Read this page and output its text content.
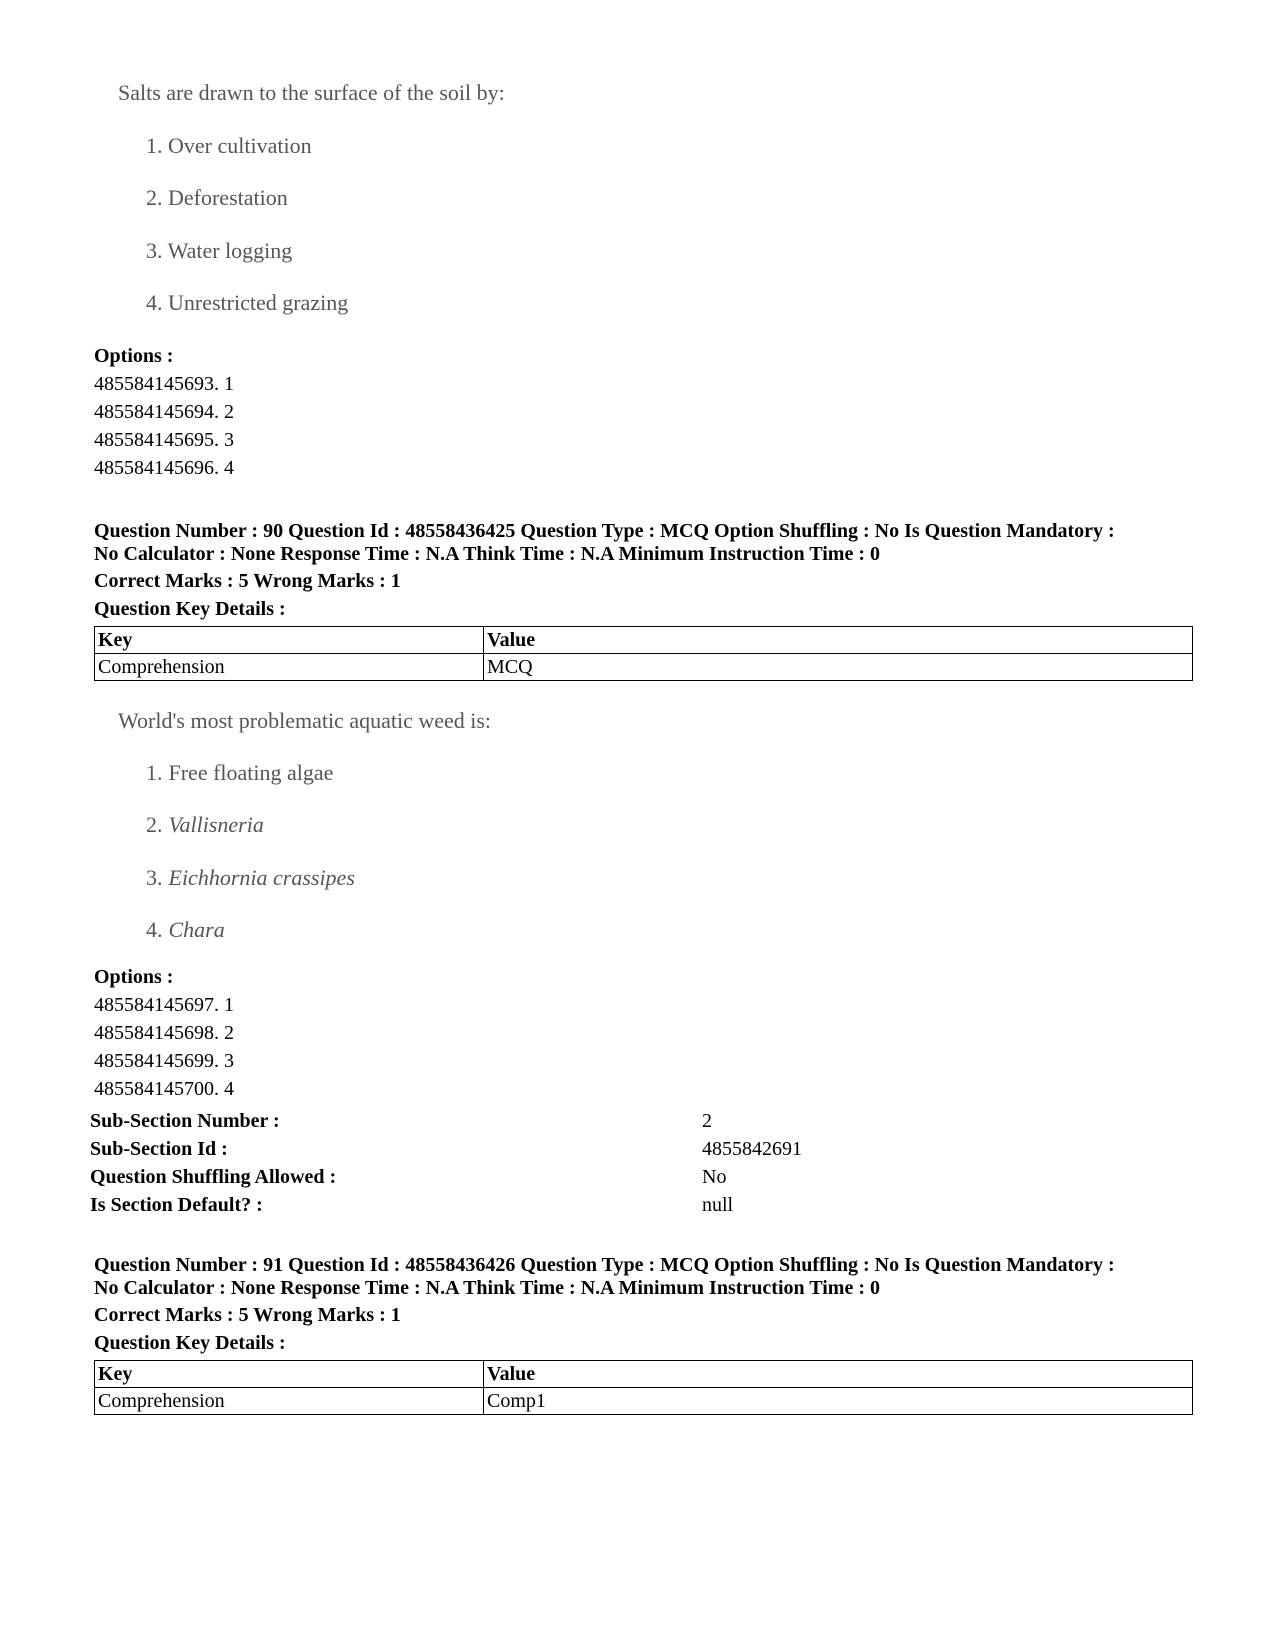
Salts are drawn to the surface of the soil by:
1. Over cultivation
2. Deforestation
3. Water logging
4. Unrestricted grazing
Options :
485584145693. 1
485584145694. 2
485584145695. 3
485584145696. 4
Question Number : 90 Question Id : 48558436425 Question Type : MCQ Option Shuffling : No Is Question Mandatory :
No Calculator : None Response Time : N.A Think Time : N.A Minimum Instruction Time : 0
Correct Marks : 5 Wrong Marks : 1
Question Key Details :
Key	Value
Comprehension	MCQ
World's most problematic aquatic weed is:
1. Free floating algae
2. Vallisneria
3. Eichhornia crassipes
4. Chara
Options :
485584145697. 1
485584145698. 2
485584145699. 3
485584145700. 4
Sub-Section Number :	2
Sub-Section Id :	4855842691
Question Shuffling Allowed :	No
Is Section Default? :	null
Question Number : 91 Question Id : 48558436426 Question Type : MCQ Option Shuffling : No Is Question Mandatory :
No Calculator : None Response Time : N.A Think Time : N.A Minimum Instruction Time : 0
Correct Marks : 5 Wrong Marks : 1
Question Key Details :
Key	Value
Comprehension	Comp1
